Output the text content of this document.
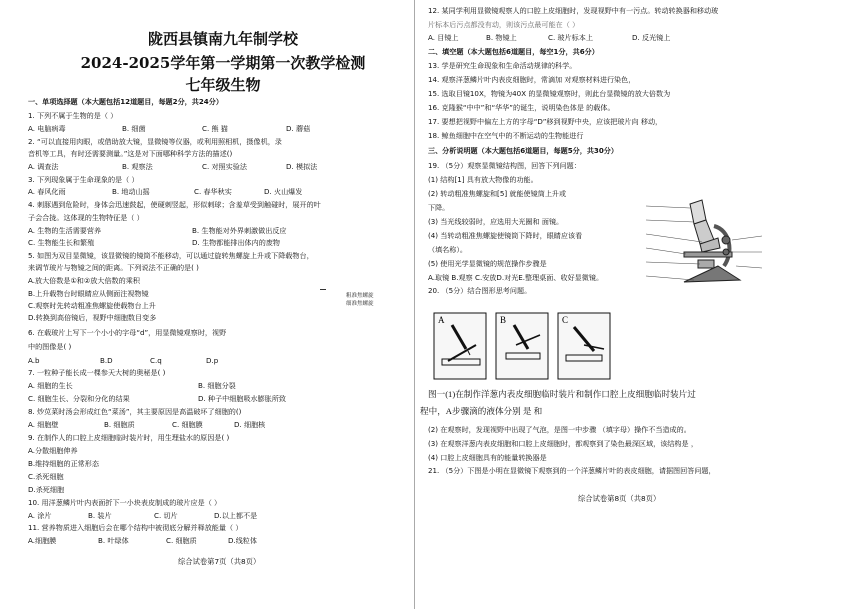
陇西县镇南九年制学校
2024-2025学年第一学期第一次教学检测
七年级生物
一、单项选择题（本大题包括12道题目，每题2分，共24分）
1. 下列不属于生物的是（ ）
A. 电脑病毒	B. 细菌	C. 熊 猫	D. 蘑菇
2. “可以直接用肉眼，或借助放大镜，显微镜等仪器，或利用照相机，摄像机，录
音机等工具，有时还需要测量。”这是对下面哪种科学方法的描述()
A. 调查法	B. 观察法	C. 对照实验法	D. 模拟法
3. 下列现象属于生命现象的是（ ）
A. 春风化雨	B. 地动山摇	C. 春华秋实	D. 火山爆发
4. 刺豚遇到危险时，身体会迅速鼓起，使硬刺竖起，形似刺球；含羞草受到触碰时，展开的叶
子会合拢。这体现的生物特征是（ ）
A. 生物的生活需要营养	B. 生物能对外界刺激做出反应
C. 生物能生长和繁殖	D. 生物都能排出体内的废物
5. 如图为双目显微镜，该显微镜的镜筒不能移动，可以通过旋转焦螺旋上升或下降载物台，
来调节玻片与物镜之间的距离。下列说法不正确的是( )
A.放大倍数是①和②放大倍数的乘积
B.上升载物台时眼睛应从侧面注视物镜
C.观察时先转动粗准焦螺旋使载物台上升
D.转换到高倍镜后，视野中细胞数目变多
粗准焦螺旋
细准焦螺旋
6. 在载玻片上写下一个小小的字母“d”，用显微镜观察时，视野
中的图像是( )
A.b	B.D	C.q	D.p
7. 一粒种子能长成一棵参天大树的奥秘是( )
A. 细胞的生长	B. 细胞分裂
C. 细胞生长、分裂和分化的结果	D. 种子中细胞吸水膨胀所致
8. 炒苋菜时汤会形成红色“菜汤”，其主要原因是高温破坏了细胞的()
A. 细胞壁	B. 细胞质	C. 细胞膜	D. 细胞核
9. 在制作人的口腔上皮细胞临时装片时，用生理盐水的原因是( )
A.分散细胞伸养
B.维持细胞的正常形态
C.杀死细胞
D.杀死细胞
10. 用洋葱鳞片叶内表面折下一小块表皮制成的玻片应是（ ）
A. 涂片	B. 装片	C. 切片	D.以上都不是
11. 营养物质进入细胞后会在哪个结构中被彻底分解并释放能量（ ）
A.细胞膜	B. 叶绿体	C. 细胞质	D.线粒体
综合试卷第7页（共8页）
12. 某同学利用显微镜观察人的口腔上皮细胞时，发现视野中有一污点。转动转换器和移动玻
片标本后污点都没有动，则该污点最可能在（ ）
A. 目镜上	B. 物镜上	C. 玻片标本上	D. 反光镜上
二、填空题（本大题包括6道题目，每空1分，共6分）
13. 学是研究生命现象和生命活动规律的科学。
14. 观察洋葱鳞片叶内表皮细胞时，常滴加 对观察材料进行染色，
15. 选取目镜10X，物镜为40X 的显微镜观察时，则此台显微镜的放大倍数为
16. 克隆猴“中中”和“华华”的诞生，说明染色体是 的载体。
17. 要想把视野中偏左上方的字母“D”移到视野中央，应该把玻片向 移动，
18. 鲸鱼细胞中在空气中的不断运动的生物能进行
三、分析说明题（本大题包括6道题目，每题5分，共30分）
19. （5分）观察显微镜结构图，回答下列问题：
(1) 结构[1] 具有放大物像的功能。
(2) 转动粗准焦螺旋和[5] 就能使镜筒上升或
下降。
(3) 当光线较弱时，应选用大光圈和 面镜。
(4) 当转动粗准焦螺旋使镜筒下降时，眼睛应该看
（填名称）。
(5) 使用光学显微镜的规范操作步骤是
A.取镜 B.观察 C.安放D.对光E.整理桌面、收好显微镜。
20. （5分）结合图形思考问题。
A	B	C
图一(1)在制作洋葱内表皮细胞临时装片和制作口腔上皮细胞临时装片过
程中，A步骤滴的液体分别 是 和
(2) 在观察时，发现视野中出现了气泡，是图一中步骤 （填字母）操作不当造成的。
(3) 在观察洋葱内表皮细胞和口腔上皮细胞时，都观察到了染色最深区域，该结构是 ，
(4) 口腔上皮细胞具有的能量转换器是
21. （5分）下图是小明在显微镜下观察到的一个洋葱鳞片叶的表皮细胞，请据图回答问题，
综合试卷第8页（共8页）
